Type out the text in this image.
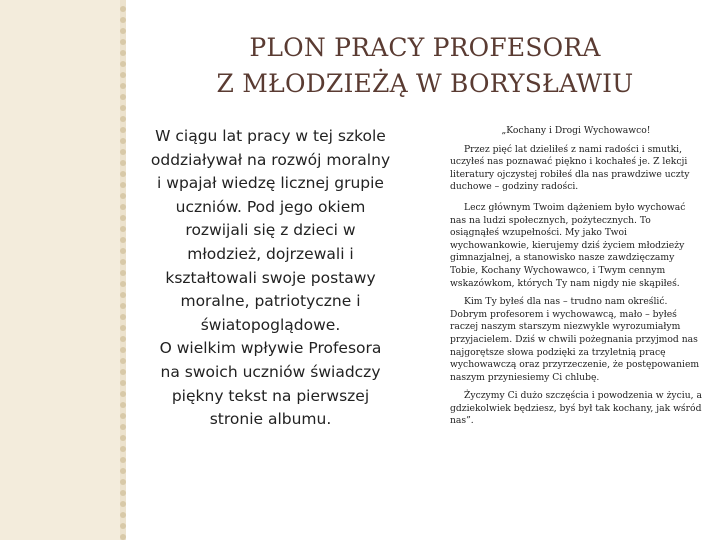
PLON PRACY PROFESORA
Z MŁODZIEŻĄ W BORYSŁAWIU

W ciągu lat pracy w tej szkole oddziaływał na rozwój moralny i wpajał wiedzę licznej grupie uczniów. Pod jego okiem rozwijali się z dzieci w młodzież, dojrzewali i kształtowali swoje postawy moralne, patriotyczne i światopoglądowe.

O wielkim wpływie Profesora na swoich uczniów świadczy piękny tekst na pierwszej stronie albumu.

„Kochany i Drogi Wychowawco!

Przez pięć lat dzieliłeś z nami radości i smutki, uczyłeś nas poznawać piękno i kochałeś je. Z lekcji literatury ojczystej robiłeś dla nas prawdziwe uczty duchowe – godziny radości.

Lecz głównym Twoim dążeniem było wychować nas na ludzi społecznych, pożytecznych. To osiągnąłeś wzupełności. My jako Twoi wychowankowie, kierujemy dziś życiem młodzieży gimnazjalnej, a stanowisko nasze zawdzięczamy Tobie, Kochany Wychowawco, i Twym cennym wskazówkom, których Ty nam nigdy nie skąpiłeś.

Kim Ty byłeś dla nas – trudno nam określić. Dobrym profesorem i wychowawcą, mało – byłeś raczej naszym starszym niezwykle wyrozumiałym przyjacielem. Dziś w chwili pożegnania przyjmod nas najgorętsze słowa podzięki za trzyletnią pracę wychowawczą oraz przyrzeczenie, że postępowaniem naszym przyniesiemy Ci chlubę.

Życzymy Ci dużo szczęścia i powodzenia w życiu, a gdziekolwiek będziesz, byś był tak kochany, jak wśród nas”.
